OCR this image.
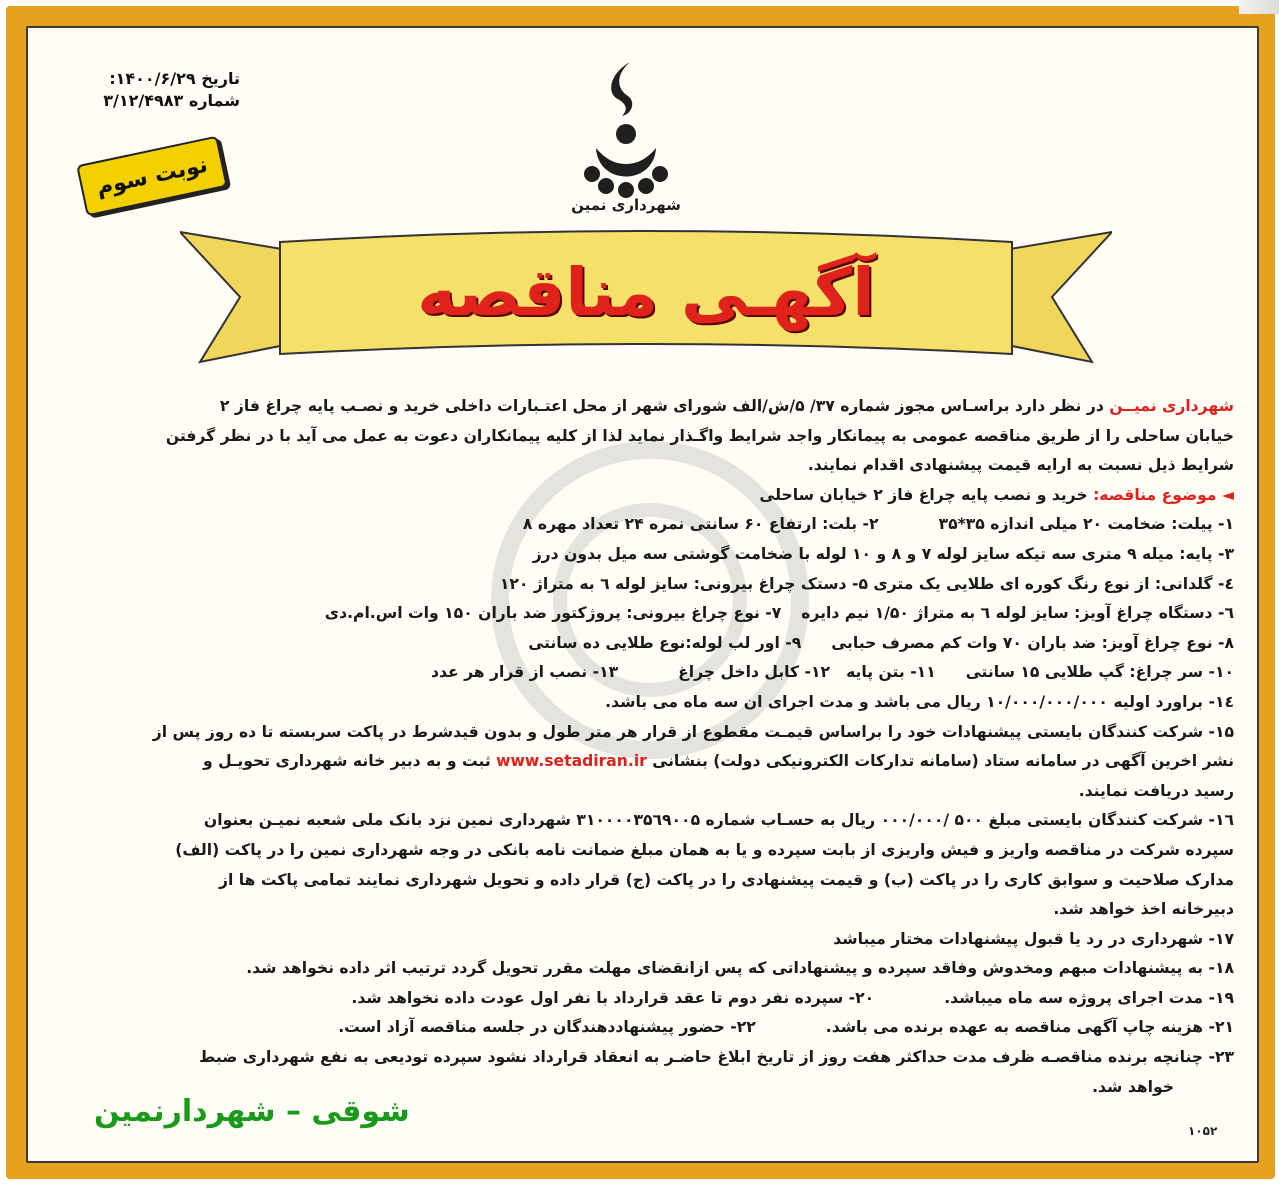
تاریخ ۱۴۰۰/۶/۲۹:
شماره ۳/۱۲/۴۹۸۳
نوبت سوم
شهرداری نمین
آگهـی مناقصه
شهرداری نمیــن در نظر دارد براسـاس مجوز شماره ۳۷/ ۵/ش/الف شورای شهر از محل اعتـبارات داخلی خرید و نصـب پایه چراغ فاز ۲
خیابان ساحلی را از طریق مناقصه عمومی به پیمانکار واجد شرایط واگـذار نماید لذا از کلیه پیمانکاران دعوت به عمل می آید با در نظر گرفتن
شرایط ذیل نسبت به ارایه قیمت پیشنهادی اقدام نمایند.
◄ موضوع مناقصه: خرید و نصب پایه چراغ فاز ۲ خیابان ساحلی
۱- پیلت: ضخامت ۲۰ میلی اندازه ۳۵*۳۵۲- بلت: ارتفاع ۶۰ سانتی نمره ۲۴ تعداد مهره ۸
۳- پایه: میله ۹ متری سه تیکه سایز لوله ۷ و ۸ و ۱۰ لوله با ضخامت گوشتی سه میل بدون درز
٤- گلدانی: از نوع رنگ کوره ای طلایی یک متری ۵- دستک چراغ بیرونی: سایز لوله ٦ به متراژ ۱۲۰
٦- دستگاه چراغ آویز: سایز لوله ٦ به متراژ ۱/۵۰ نیم دایره۷- نوع چراغ بیرونی: پروژکتور ضد باران ۱۵۰ وات اس.ام.دی
۸- نوع چراغ آویز: ضد باران ۷۰ وات کم مصرف حبابی۹- اور لب لوله:نوع طلایی ده سانتی
۱۰- سر چراغ: گپ طلایی ۱۵ سانتی۱۱- بتن پایه۱۲- کابل داخل چراغ۱۳- نصب از قرار هر عدد
۱٤- براورد اولیه ۱۰/۰۰۰/۰۰۰/۰۰۰ ریال می باشد و مدت اجرای ان سه ماه می باشد.
۱۵- شرکت کنندگان بایستی پیشنهادات خود را براساس قیمـت مقطوع از قرار هر متر طول و بدون قیدشرط در پاکت سربسته تا ده روز پس از
نشر اخرین آگهی در سامانه ستاد (سامانه تدارکات الکترونیکی دولت) بنشانی www.setadiran.ir ثبت و به دبیر خانه شهرداری تحویـل و
رسید دریافت نمایند.
۱٦- شرکت کنندگان بایستی مبلغ ۵۰۰ /۰۰۰/۰۰۰ ریال به حسـاب شماره ۳۱۰۰۰۰۳۵٦۹۰۰۵ شهرداری نمین نزد بانک ملی شعبه نمیـن بعنوان
سپرده شرکت در مناقصه واریز و فیش واریزی از بابت سپرده و یا به همان مبلغ ضمانت نامه بانکی در وجه شهرداری نمین را در پاکت (الف)
مدارک صلاحیت و سوابق کاری را در پاکت (ب) و قیمت پیشنهادی را در پاکت (ج) قرار داده و تحویل شهرداری نمایند تمامی پاکت ها از
دبیرخانه اخذ خواهد شد.
۱۷- شهرداری در رد یا قبول پیشنهادات مختار میباشد
۱۸- به پیشنهادات مبهم ومخدوش وفاقد سپرده و پیشنهاداتی که پس ازانقضای مهلت مقرر تحویل گردد ترتیب اثر داده نخواهد شد.
۱۹- مدت اجرای پروژه سه ماه میباشد.۲۰- سپرده نفر دوم تا عقد قرارداد با نفر اول عودت داده نخواهد شد.
۲۱- هزینه چاپ آگهی مناقصه به عهده برنده می باشد.۲۲- حضور پیشنهاددهندگان در جلسه مناقصه آزاد است.
۲۳- چنانچه برنده مناقصـه ظرف مدت حداکثر هفت روز از تاریخ ابلاغ حاضـر به انعقاد قرارداد نشود سپرده تودیعی به نفع شهرداری ضبط
خواهد شد.
شوقی – شهردارنمین
۱۰۵۲
